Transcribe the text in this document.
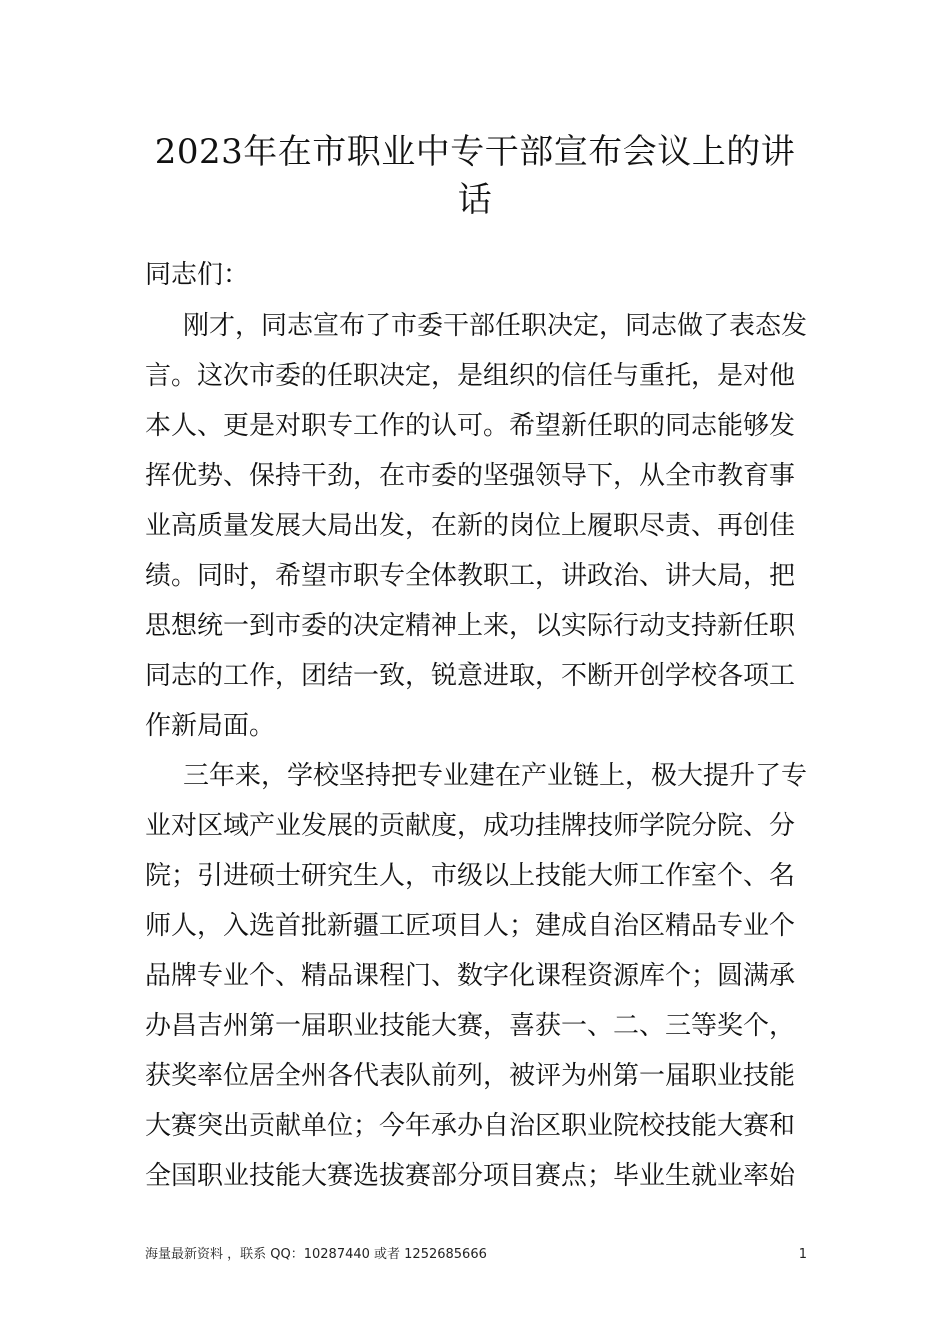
2023年在市职业中专干部宣布会议上的讲
话
同志们：
刚才，同志宣布了市委干部任职决定，同志做了表态发
言。这次市委的任职决定，是组织的信任与重托，是对他
本人、更是对职专工作的认可。希望新任职的同志能够发
挥优势、保持干劲，在市委的坚强领导下，从全市教育事
业高质量发展大局出发，在新的岗位上履职尽责、再创佳
绩。同时，希望市职专全体教职工，讲政治、讲大局，把
思想统一到市委的决定精神上来，以实际行动支持新任职
同志的工作，团结一致，锐意进取，不断开创学校各项工
作新局面。
三年来，学校坚持把专业建在产业链上，极大提升了专
业对区域产业发展的贡献度，成功挂牌技师学院分院、分
院；引进硕士研究生人，市级以上技能大师工作室个、名
师人，入选首批新疆工匠项目人；建成自治区精品专业个
品牌专业个、精品课程门、数字化课程资源库个；圆满承
办昌吉州第一届职业技能大赛，喜获一、二、三等奖个，
获奖率位居全州各代表队前列，被评为州第一届职业技能
大赛突出贡献单位；今年承办自治区职业院校技能大赛和
全国职业技能大赛选拔赛部分项目赛点；毕业生就业率始
海量最新资料 ，联系 QQ：10287440 或者 1252685666	1
